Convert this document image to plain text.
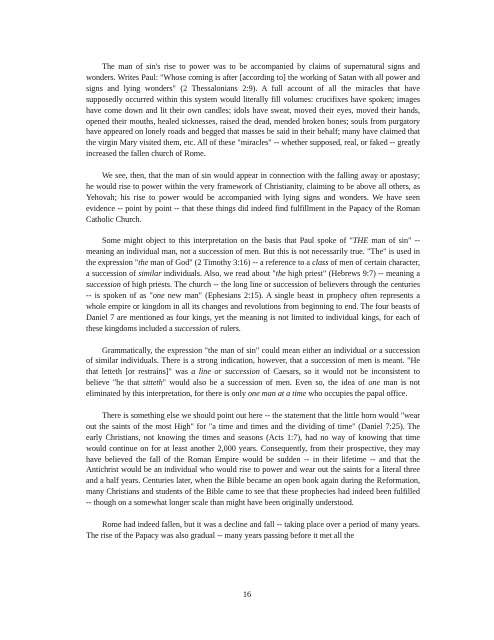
The man of sin's rise to power was to be accompanied by claims of supernatural signs and wonders. Writes Paul: "Whose coming is after [according to] the working of Satan with all power and signs and lying wonders" (2 Thessalonians 2:9). A full account of all the miracles that have supposedly occurred within this system would literally fill volumes: crucifixes have spoken; images have come down and lit their own candles; idols have sweat, moved their eyes, moved their hands, opened their mouths, healed sicknesses, raised the dead, mended broken bones; souls from purgatory have appeared on lonely roads and begged that masses be said in their behalf; many have claimed that the virgin Mary visited them, etc. All of these "miracles" -- whether supposed, real, or faked -- greatly increased the fallen church of Rome.

We see, then, that the man of sin would appear in connection with the falling away or apostasy; he would rise to power within the very framework of Christianity, claiming to be above all others, as Yehovah; his rise to power would be accompanied with lying signs and wonders. We have seen evidence -- point by point -- that these things did indeed find fulfillment in the Papacy of the Roman Catholic Church.

Some might object to this interpretation on the basis that Paul spoke of "THE man of sin" -- meaning an individual man, not a succession of men. But this is not necessarily true. "The" is used in the expression "the man of God" (2 Timothy 3:16) -- a reference to a class of men of certain character, a succession of similar individuals. Also, we read about "the high priest" (Hebrews 9:7) -- meaning a succession of high priests. The church -- the long line or succession of believers through the centuries -- is spoken of as "one new man" (Ephesians 2:15). A single beast in prophecy often represents a whole empire or kingdom in all its changes and revolutions from beginning to end. The four beasts of Daniel 7 are mentioned as four kings, yet the meaning is not limited to individual kings, for each of these kingdoms included a succession of rulers.

Grammatically, the expression "the man of sin" could mean either an individual or a succession of similar individuals. There is a strong indication, however, that a succession of men is meant. "He that letteth [or restrains]" was a line or succession of Caesars, so it would not be inconsistent to believe "he that sitteth" would also be a succession of men. Even so, the idea of one man is not eliminated by this interpretation, for there is only one man at a time who occupies the papal office.

There is something else we should point out here -- the statement that the little horn would "wear out the saints of the most High" for "a time and times and the dividing of time" (Daniel 7:25). The early Christians, not knowing the times and seasons (Acts 1:7), had no way of knowing that time would continue on for at least another 2,000 years. Consequently, from their prospective, they may have believed the fall of the Roman Empire would be sudden -- in their lifetime -- and that the Antichrist would be an individual who would rise to power and wear out the saints for a literal three and a half years. Centuries later, when the Bible became an open book again during the Reformation, many Christians and students of the Bible came to see that these prophecies had indeed been fulfilled -- though on a somewhat longer scale than might have been originally understood.

Rome had indeed fallen, but it was a decline and fall -- taking place over a period of many years. The rise of the Papacy was also gradual -- many years passing before it met all the

16
